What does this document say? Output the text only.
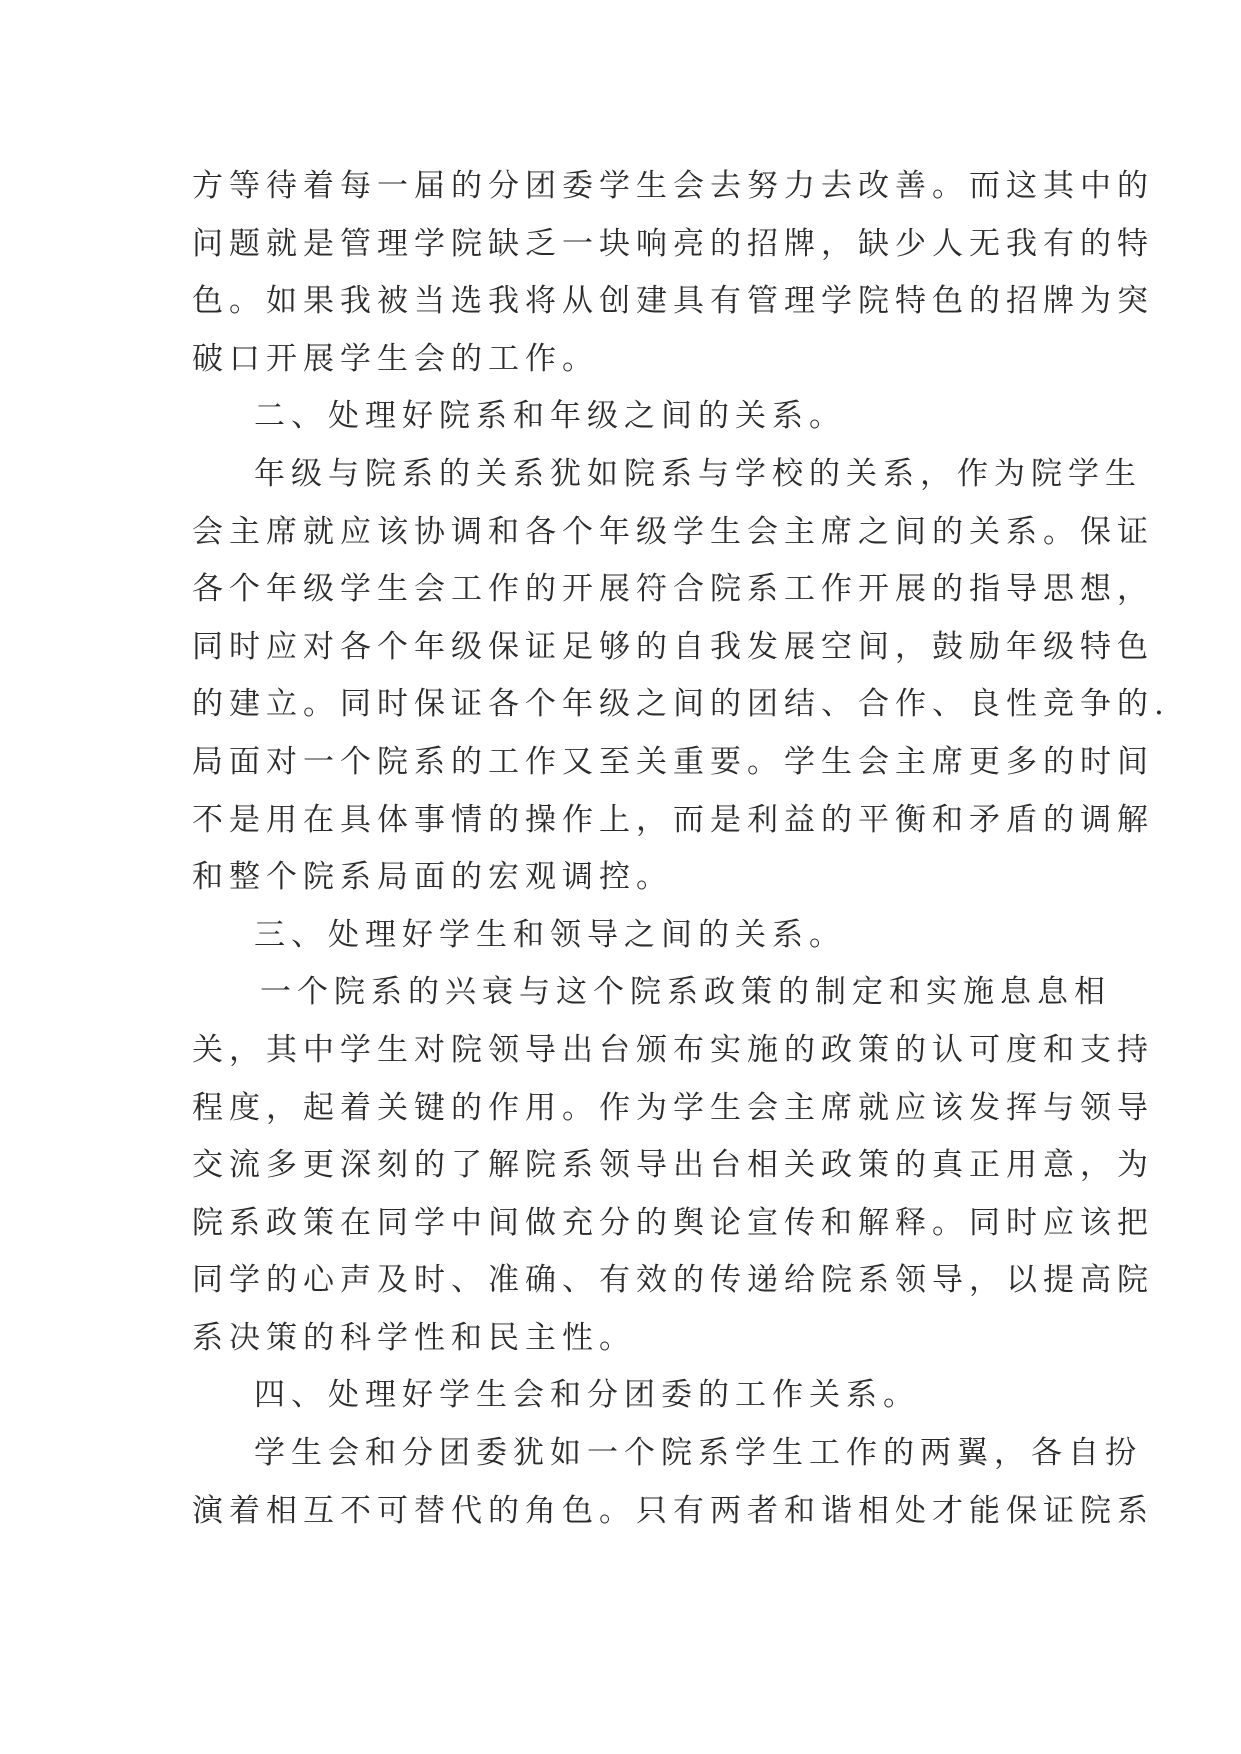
方等待着每一届的分团委学生会去努力去改善。而这其中的
问题就是管理学院缺乏一块响亮的招牌，缺少人无我有的特
色。如果我被当选我将从创建具有管理学院特色的招牌为突
破口开展学生会的工作。
二、处理好院系和年级之间的关系。
年级与院系的关系犹如院系与学校的关系，作为院学生
会主席就应该协调和各个年级学生会主席之间的关系。保证
各个年级学生会工作的开展符合院系工作开展的指导思想，
同时应对各个年级保证足够的自我发展空间，鼓励年级特色
的建立。同时保证各个年级之间的团结、合作、良性竞争的.
局面对一个院系的工作又至关重要。学生会主席更多的时间
不是用在具体事情的操作上，而是利益的平衡和矛盾的调解
和整个院系局面的宏观调控。
三、处理好学生和领导之间的关系。
一个院系的兴衰与这个院系政策的制定和实施息息相
关，其中学生对院领导出台颁布实施的政策的认可度和支持
程度，起着关键的作用。作为学生会主席就应该发挥与领导
交流多更深刻的了解院系领导出台相关政策的真正用意，为
院系政策在同学中间做充分的舆论宣传和解释。同时应该把
同学的心声及时、准确、有效的传递给院系领导，以提高院
系决策的科学性和民主性。
四、处理好学生会和分团委的工作关系。
学生会和分团委犹如一个院系学生工作的两翼，各自扮
演着相互不可替代的角色。只有两者和谐相处才能保证院系
